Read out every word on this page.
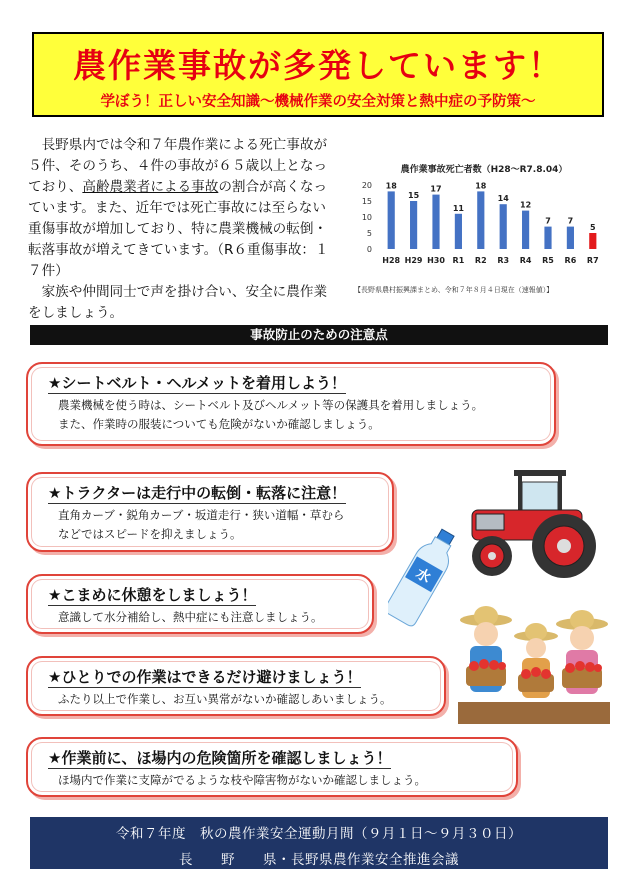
農作業事故が多発しています！
学ぼう！正しい安全知識～機械作業の安全対策と熱中症の予防策～

 長野県内では令和７年農作業による死亡事故が５件、そのうち、４件の事故が６５歳以上となっており、高齢農業者による事故の割合が高くなっています。また、近年では死亡事故には至らない重傷事故が増加しており、特に農業機械の転倒・転落事故が増えてきています。（R６重傷事故：１７件）

 家族や仲間同士で声を掛け合い、安全に農作業をしましょう。

農作業事故死亡者数（H28～R7.8.04）
0
5
10
15
20 18
15
17
11
18
14
12
7 7
5
H28 H29 H30 R1 R2 R3 R4 R5 R6 R7
【長野県農村振興課まとめ、令和７年８月４日現在（速報値）】
事故防止のための注意点
★シートベルト・ヘルメットを着用しよう！
農業機械を使う時は、シートベルト及びヘルメット等の保護具を着用しましょう。
また、作業時の服装についても危険がないか確認しましょう。
★トラクターは走行中の転倒・転落に注意！
直角カーブ・鋭角カーブ・坂道走行・狭い道幅・草むら
などではスピードを抑えましょう。
★こまめに休憩をしましょう！
意識して水分補給し、熱中症にも注意しましょう。
★ひとりでの作業はできるだけ避けましょう！
ふたり以上で作業し、お互い異常がないか確認しあいましょう。
★作業前に、ほ場内の危険箇所を確認しましょう！
ほ場内で作業に支障がでるような枝や障害物がないか確認しましょう。
水
令和７年度　秋の農作業安全運動月間（９月１日～９月３０日）
長　　野　　県・長野県農作業安全推進会議
